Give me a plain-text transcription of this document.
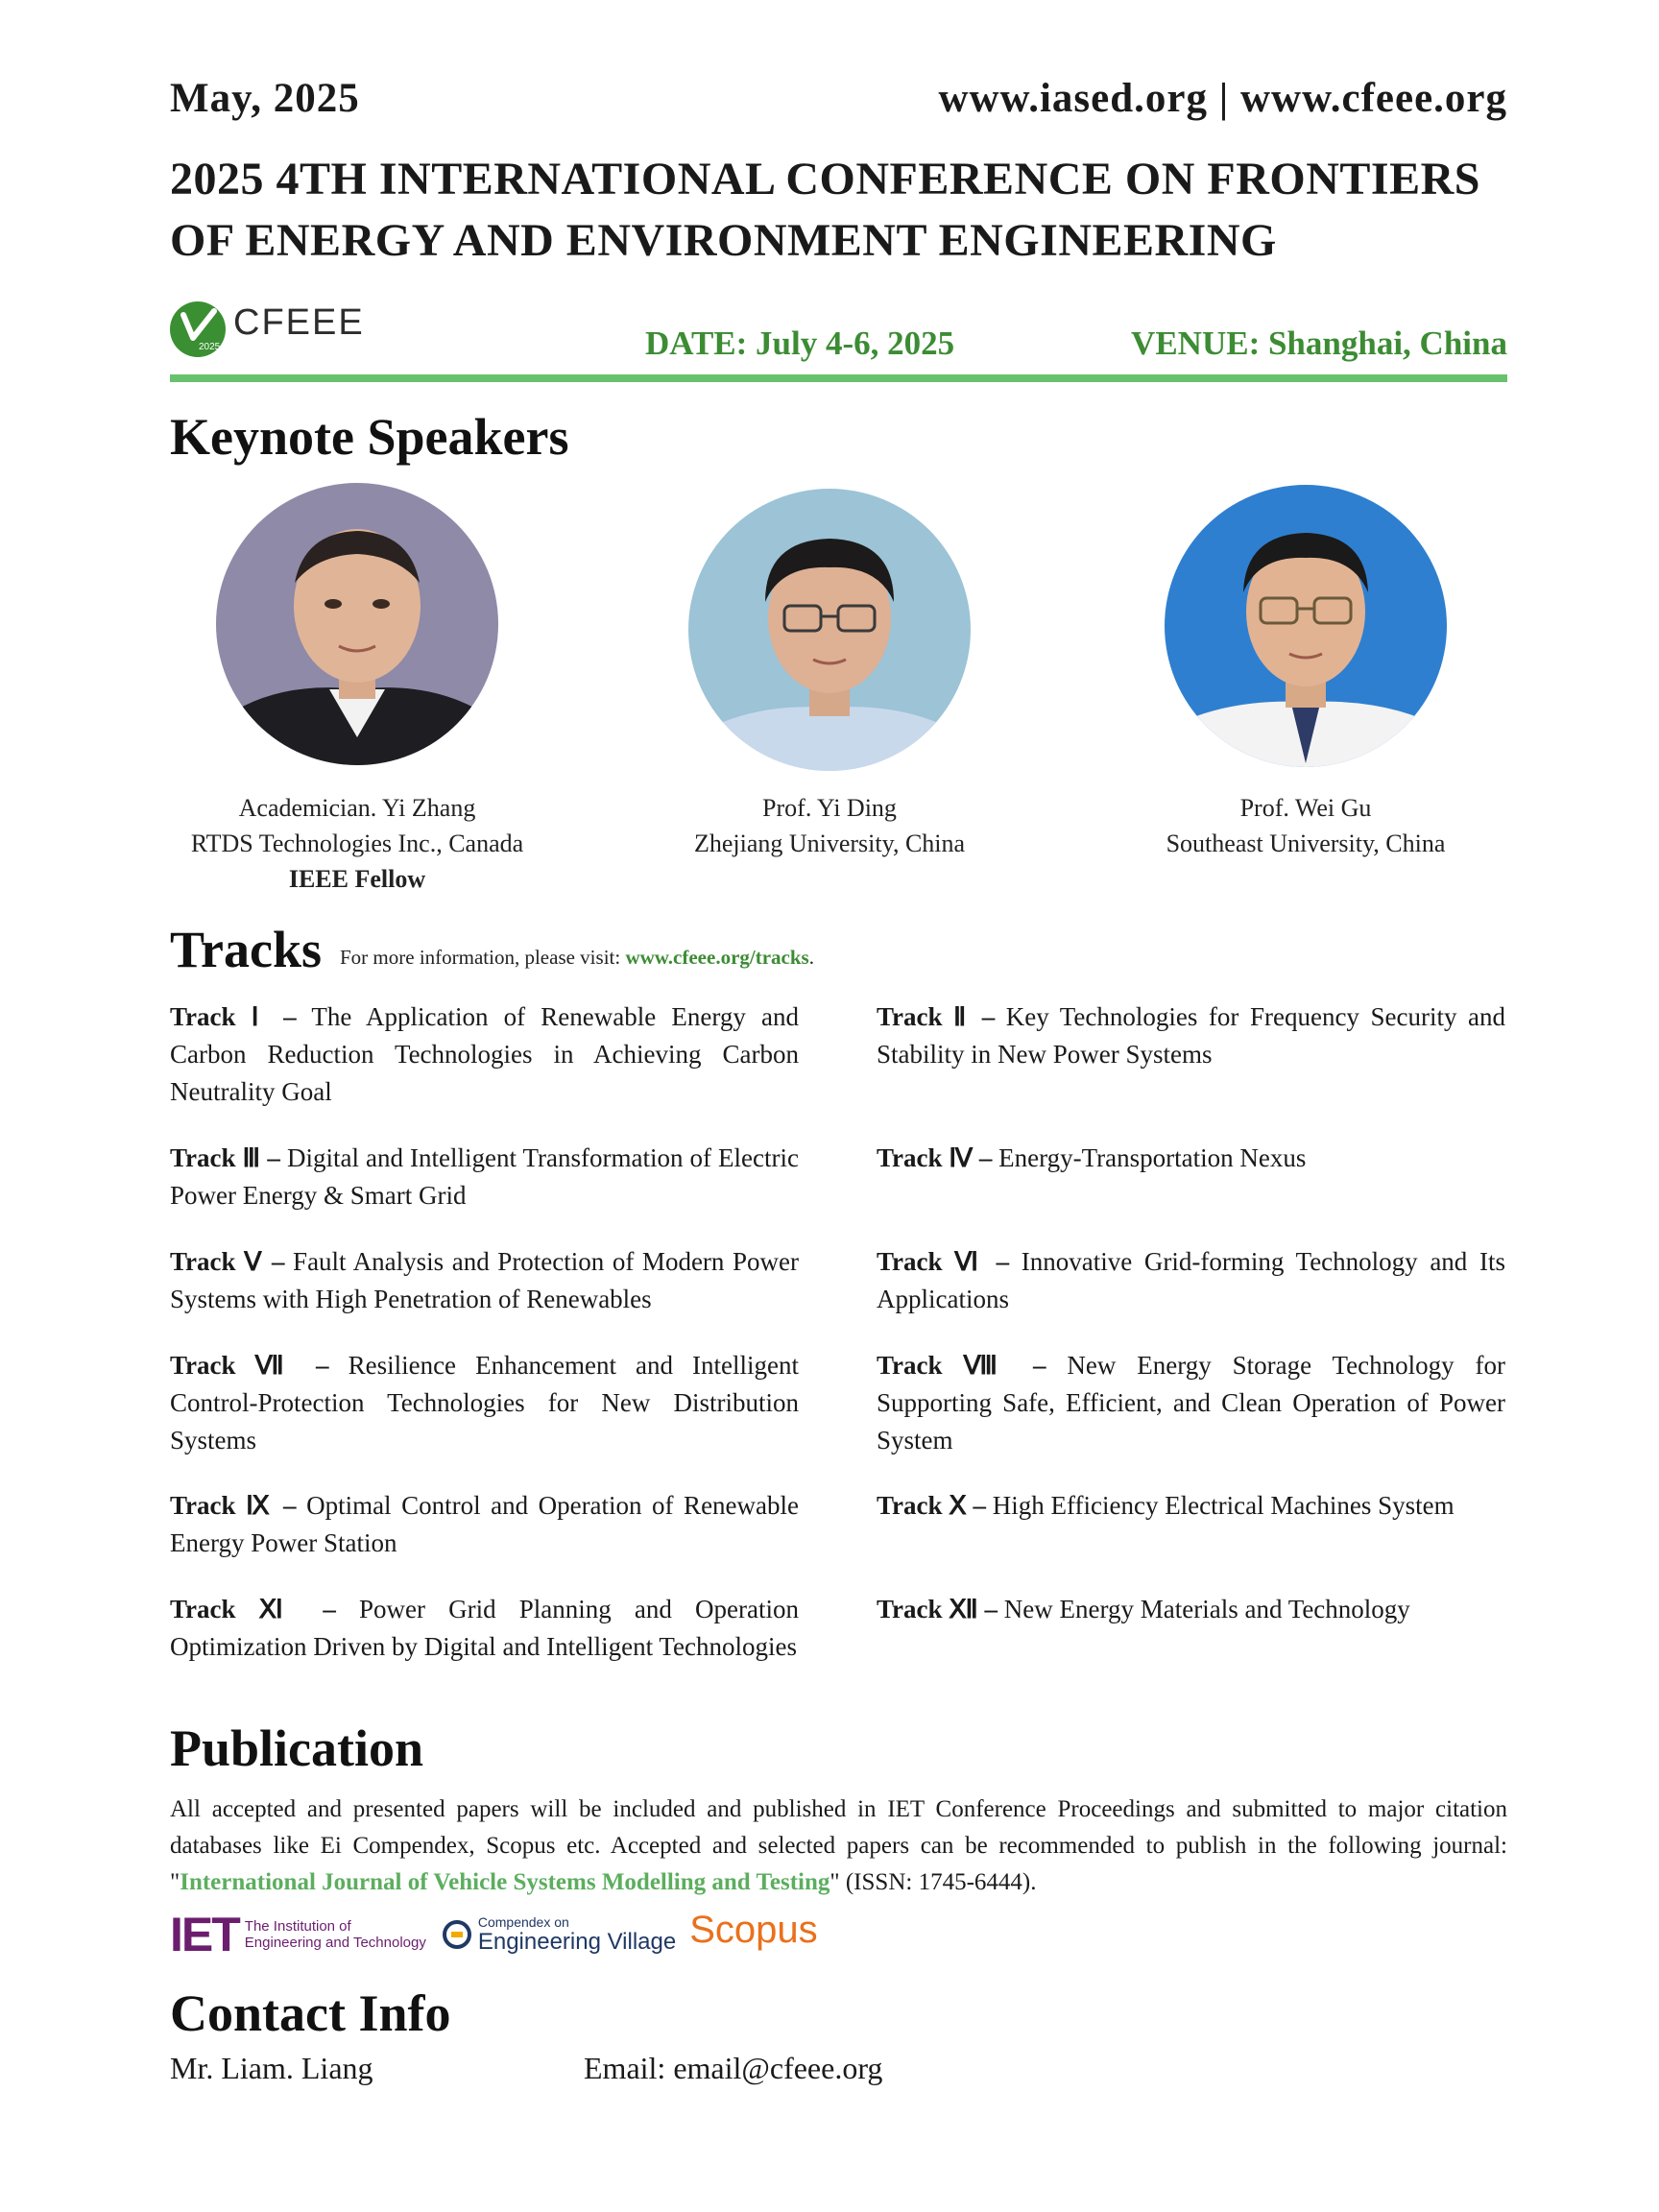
May, 2025	www.iased.org | www.cfeee.org
2025 4TH INTERNATIONAL CONFERENCE ON FRONTIERS OF ENERGY AND ENVIRONMENT ENGINEERING
2025
CFEEE
DATE: July 4-6, 2025	VENUE: Shanghai, China
Keynote Speakers
Academician. Yi Zhang
RTDS Technologies Inc., Canada
IEEE Fellow
Prof. Yi Ding
Zhejiang University, China
Prof. Wei Gu
Southeast University, China
Tracks For more information, please visit: www.cfeee.org/tracks.
Track Ⅰ – The Application of Renewable Energy and Carbon Reduction Technologies in Achieving Carbon Neutrality Goal
Track Ⅱ – Key Technologies for Frequency Security and Stability in New Power Systems
Track Ⅲ – Digital and Intelligent Transformation of Electric Power Energy & Smart Grid
Track Ⅳ – Energy-Transportation Nexus
Track Ⅴ – Fault Analysis and Protection of Modern Power Systems with High Penetration of Renewables
Track Ⅵ – Innovative Grid-forming Technology and Its Applications
Track Ⅶ – Resilience Enhancement and Intelligent Control-Protection Technologies for New Distribution Systems
Track Ⅷ – New Energy Storage Technology for Supporting Safe, Efficient, and Clean Operation of Power System
Track Ⅸ – Optimal Control and Operation of Renewable Energy Power Station
Track Ⅹ – High Efficiency Electrical Machines System
Track Ⅺ – Power Grid Planning and Operation Optimization Driven by Digital and Intelligent Technologies
Track Ⅻ – New Energy Materials and Technology
Publication
All accepted and presented papers will be included and published in IET Conference Proceedings and submitted to major citation databases like Ei Compendex, Scopus etc. Accepted and selected papers can be recommended to publish in the following journal: "International Journal of Vehicle Systems Modelling and Testing" (ISSN: 1745-6444).
IET The Institution of
Engineering and Technology
Compendex on
Engineering Village Scopus
Contact Info
Mr. Liam. Liang	Email: email@cfeee.org
